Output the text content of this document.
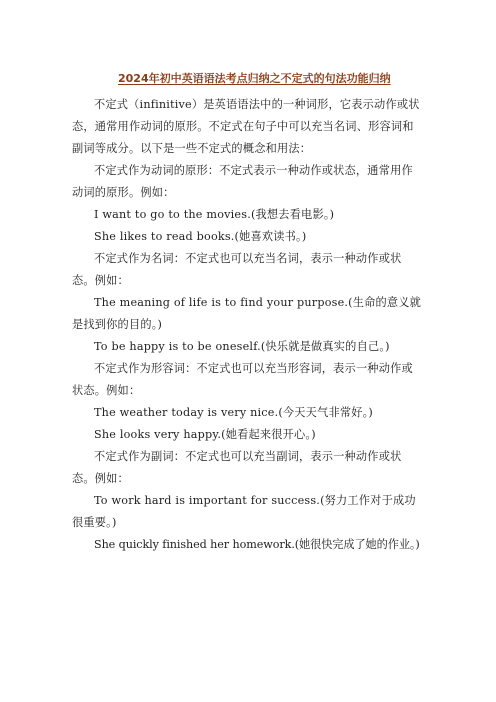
2024年初中英语语法考点归纳之不定式的句法功能归纳

不定式（infinitive）是英语语法中的一种词形，它表示动作或状态，通常用作动词的原形。不定式在句子中可以充当名词、形容词和副词等成分。以下是一些不定式的概念和用法：

不定式作为动词的原形：不定式表示一种动作或状态，通常用作动词的原形。例如：

I want to go to the movies.(我想去看电影。)

She likes to read books.(她喜欢读书。)

不定式作为名词：不定式也可以充当名词，表示一种动作或状态。例如：

The meaning of life is to find your purpose.(生命的意义就是找到你的目的。)

To be happy is to be oneself.(快乐就是做真实的自己。)

不定式作为形容词：不定式也可以充当形容词，表示一种动作或状态。例如：

The weather today is very nice.(今天天气非常好。)

She looks very happy.(她看起来很开心。)

不定式作为副词：不定式也可以充当副词，表示一种动作或状态。例如：

To work hard is important for success.(努力工作对于成功很重要。)

She quickly finished her homework.(她很快完成了她的作业。)
